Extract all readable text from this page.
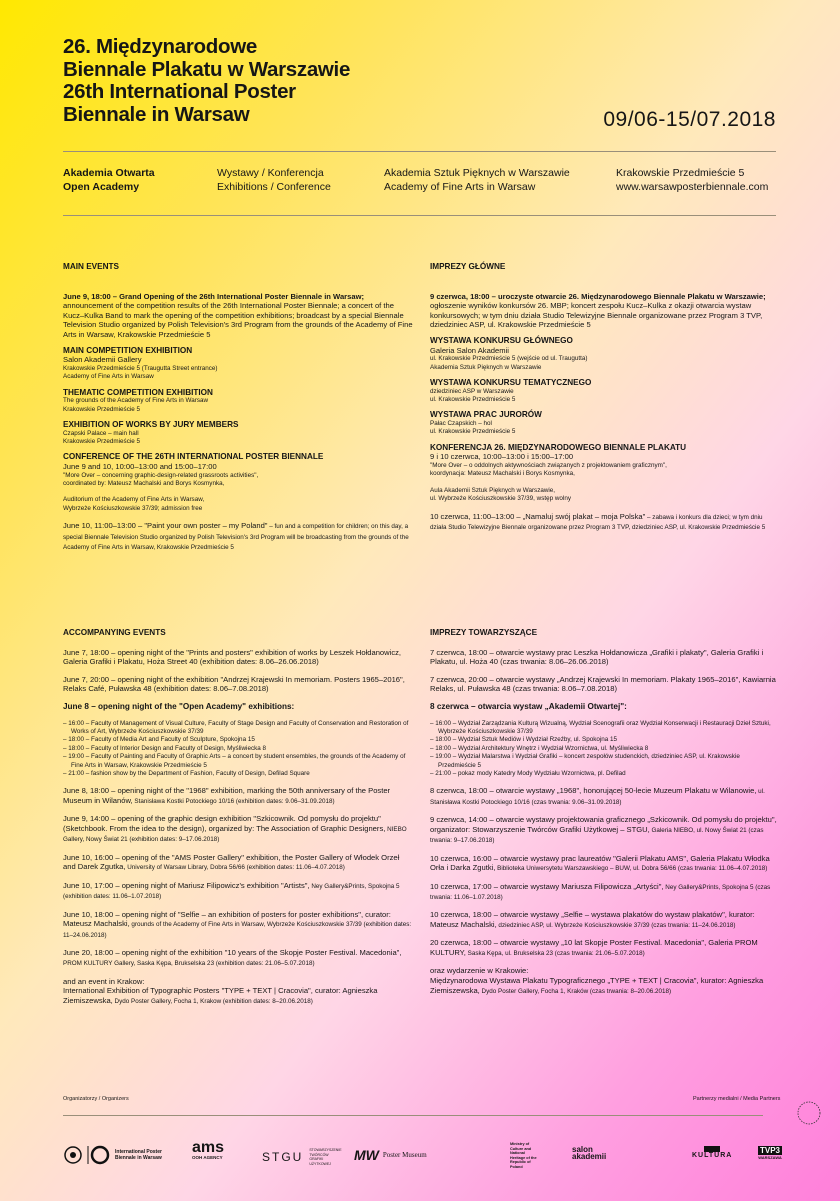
26. Międzynarodowe
Biennale Plakatu w Warszawie
26th International Poster
Biennale in Warsaw	09/06-15/07.2018
Akademia Otwarta
Open Academy
Wystawy / Konferencja
Exhibitions / Conference
Akademia Sztuk Pięknych w Warszawie
Academy of Fine Arts in Warsaw
Krakowskie Przedmieście 5
www.warsawposterbiennale.com

MAIN EVENTS

June 9, 18:00 – Grand Opening of the 26th International Poster Biennale in Warsaw; announcement of the competition results of the 26th International Poster Biennale; a concert of the Kucz–Kulka Band to mark the opening of the competition exhibitions; broadcast by a special Biennale Television Studio organized by Polish Television's 3rd Program from the grounds of the Academy of Fine Arts in Warsaw, Krakowskie Przedmieście 5

MAIN COMPETITION EXHIBITION

Salon Akademii Gallery

Krakowskie Przedmieście 5 (Traugutta Street entrance)

Academy of Fine Arts in Warsaw

THEMATIC COMPETITION EXHIBITION

The grounds of the Academy of Fine Arts in Warsaw

Krakowskie Przedmieście 5

EXHIBITION OF WORKS BY JURY MEMBERS

Czapski Palace – main hall

Krakowskie Przedmieście 5

CONFERENCE OF THE 26TH INTERNATIONAL POSTER BIENNALE

June 9 and 10, 10:00–13:00 and 15:00–17:00

"More Over – concerning graphic-design-related grassroots activities",

coordinated by: Mateusz Machalski and Borys Kosmynka,

Auditorium of the Academy of Fine Arts in Warsaw,

Wybrzeże Kościuszkowskie 37/39; admission free

June 10, 11:00–13:00 – "Paint your own poster – my Poland" – fun and a competition for children; on this day, a special Biennale Television Studio organized by Polish Television's 3rd Program will be broadcasting from the grounds of the Academy of Fine Arts in Warsaw, Krakowskie Przedmieście 5

IMPREZY GŁÓWNE

9 czerwca, 18:00 – uroczyste otwarcie 26. Międzynarodowego Biennale Plakatu w Warszawie; ogłoszenie wyników konkursów 26. MBP; koncert zespołu Kucz–Kulka z okazji otwarcia wystaw konkursowych; w tym dniu działa Studio Telewizyjne Biennale organizowane przez Program 3 TVP, dziedziniec ASP, ul. Krakowskie Przedmieście 5

WYSTAWA KONKURSU GŁÓWNEGO

Galeria Salon Akademii

ul. Krakowskie Przedmieście 5 (wejście od ul. Traugutta)

Akademia Sztuk Pięknych w Warszawie

WYSTAWA KONKURSU TEMATYCZNEGO

dziedziniec ASP w Warszawie

ul. Krakowskie Przedmieście 5

WYSTAWA PRAC JURORÓW

Pałac Czapskich – hol

ul. Krakowskie Przedmieście 5

KONFERENCJA 26. MIĘDZYNARODOWEGO BIENNALE PLAKATU

9 i 10 czerwca, 10:00–13:00 i 15:00–17:00

"More Over – o oddolnych aktywnościach związanych z projektowaniem graficznym",

koordynacja: Mateusz Machalski i Borys Kosmynka,

Aula Akademii Sztuk Pięknych w Warszawie,

ul. Wybrzeże Kościuszkowskie 37/39, wstęp wolny

10 czerwca, 11:00–13:00 – „Namaluj swój plakat – moja Polska" – zabawa i konkurs dla dzieci; w tym dniu działa Studio Telewizyjne Biennale organizowane przez Program 3 TVP, dziedziniec ASP, ul. Krakowskie Przedmieście 5

ACCOMPANYING EVENTS

June 7, 18:00 – opening night of the "Prints and posters" exhibition of works by Leszek Hołdanowicz, Galeria Grafiki i Plakatu, Hoża Street 40 (exhibition dates: 8.06–26.06.2018)

June 7, 20:00 – opening night of the exhibition "Andrzej Krajewski In memoriam. Posters 1965–2016", Relaks Café, Puławska 48 (exhibition dates: 8.06–7.08.2018)

June 8 – opening night of the "Open Academy" exhibitions:

– 16:00 – Faculty of Management of Visual Culture, Faculty of Stage Design and Faculty of Conservation and Restoration of Works of Art, Wybrzeże Kościuszkowskie 37/39

– 18:00 – Faculty of Media Art and Faculty of Sculpture, Spokojna 15

– 18:00 – Faculty of Interior Design and Faculty of Design, Myśliwiecka 8

– 19:00 – Faculty of Painting and Faculty of Graphic Arts – a concert by student ensembles, the grounds of the Academy of Fine Arts in Warsaw, Krakowskie Przedmieście 5

– 21:00 – fashion show by the Department of Fashion, Faculty of Design, Defilad Square

June 8, 18:00 – opening night of the "1968" exhibition, marking the 50th anniversary of the Poster Museum in Wilanów, Stanisława Kostki Potockiego 10/16 (exhibition dates: 9.06–31.09.2018)

June 9, 14:00 – opening of the graphic design exhibition "Szkicownik. Od pomysłu do projektu" (Sketchbook. From the idea to the design), organized by: The Association of Graphic Designers, NIEBO Gallery, Nowy Świat 21 (exhibition dates: 9–17.06.2018)

June 10, 16:00 – opening of the "AMS Poster Gallery" exhibition, the Poster Gallery of Włodek Orzeł and Darek Zgutka, University of Warsaw Library, Dobra 56/66 (exhibition dates: 11.06–4.07.2018)

June 10, 17:00 – opening night of Mariusz Filipowicz's exhibition "Artists", Ney Gallery&Prints, Spokojna 5 (exhibition dates: 11.06–1.07.2018)

June 10, 18:00 – opening night of "Selfie – an exhibition of posters for poster exhibitions", curator: Mateusz Machalski, grounds of the Academy of Fine Arts in Warsaw, Wybrzeże Kościuszkowskie 37/39 (exhibition dates: 11–24.06.2018)

June 20, 18:00 – opening night of the exhibition "10 years of the Skopje Poster Festival. Macedonia", PROM KULTURY Gallery, Saska Kępa, Brukselska 23 (exhibition dates: 21.06–5.07.2018)

and an event in Krakow:

International Exhibition of Typographic Posters "TYPE + TEXT | Cracovia", curator: Agnieszka Ziemiszewska, Dydo Poster Gallery, Focha 1, Krakow (exhibition dates: 8–20.06.2018)

IMPREZY TOWARZYSZĄCE

7 czerwca, 18:00 – otwarcie wystawy prac Leszka Hołdanowicza „Grafiki i plakaty", Galeria Grafiki i Plakatu, ul. Hoża 40 (czas trwania: 8.06–26.06.2018)

7 czerwca, 20:00 – otwarcie wystawy „Andrzej Krajewski In memoriam. Plakaty 1965–2016", Kawiarnia Relaks, ul. Puławska 48 (czas trwania: 8.06–7.08.2018)

8 czerwca – otwarcia wystaw „Akademii Otwartej":

– 16:00 – Wydział Zarządzania Kulturą Wizualną, Wydział Scenografii oraz Wydział Konserwacji i Restauracji Dzieł Sztuki, Wybrzeże Kościuszkowskie 37/39

– 18:00 – Wydział Sztuk Mediów i Wydział Rzeźby, ul. Spokojna 15

– 18:00 – Wydział Architektury Wnętrz i Wydział Wzornictwa, ul. Myśliwiecka 8

– 19:00 – Wydział Malarstwa i Wydział Grafiki – koncert zespołów studenckich, dziedziniec ASP, ul. Krakowskie Przedmieście 5

– 21:00 – pokaz mody Katedry Mody Wydziału Wzornictwa, pl. Defilad

8 czerwca, 18:00 – otwarcie wystawy „1968", honorującej 50-lecie Muzeum Plakatu w Wilanowie, ul. Stanisława Kostki Potockiego 10/16 (czas trwania: 9.06–31.09.2018)

9 czerwca, 14:00 – otwarcie wystawy projektowania graficznego „Szkicownik. Od pomysłu do projektu", organizator: Stowarzyszenie Twórców Grafiki Użytkowej – STGU, Galeria NIEBO, ul. Nowy Świat 21 (czas trwania: 9–17.06.2018)

10 czerwca, 16:00 – otwarcie wystawy prac laureatów "Galerii Plakatu AMS", Galeria Plakatu Włodka Orła i Darka Zgutki, Biblioteka Uniwersytetu Warszawskiego – BUW, ul. Dobra 56/66 (czas trwania: 11.06–4.07.2018)

10 czerwca, 17:00 – otwarcie wystawy Mariusza Filipowicza „Artyści", Ney Gallery&Prints, Spokojna 5 (czas trwania: 11.06–1.07.2018)

10 czerwca, 18:00 – otwarcie wystawy „Selfie – wystawa plakatów do wystaw plakatów", kurator: Mateusz Machalski, dziedziniec ASP, ul. Wybrzeże Kościuszkowskie 37/39 (czas trwania: 11–24.06.2018)

20 czerwca, 18:00 – otwarcie wystawy „10 lat Skopje Poster Festival. Macedonia", Galeria PROM KULTURY, Saska Kępa, ul. Brukselska 23 (czas trwania: 21.06–5.07.2018)

oraz wydarzenie w Krakowie:

Międzynarodowa Wystawa Plakatu Typograficznego „TYPE + TEXT | Cracovia", kurator: Agnieszka Ziemiszewska, Dydo Poster Gallery, Focha 1, Kraków (czas trwania: 8–20.06.2018)

Organizatorzy / Organizers	Partnerzy medialni / Media Partners
International Poster Biennale in Warsaw
ams
OOH AGENCY	STGU STOWARZYSZENIE TWÓRCÓW GRAFIKI UŻYTKOWEJ
MW Poster Museum
Ministry of Culture and National Heritage of the Republic of Poland
salon akademii	KULTURA
TVP3
WARSZAWA
